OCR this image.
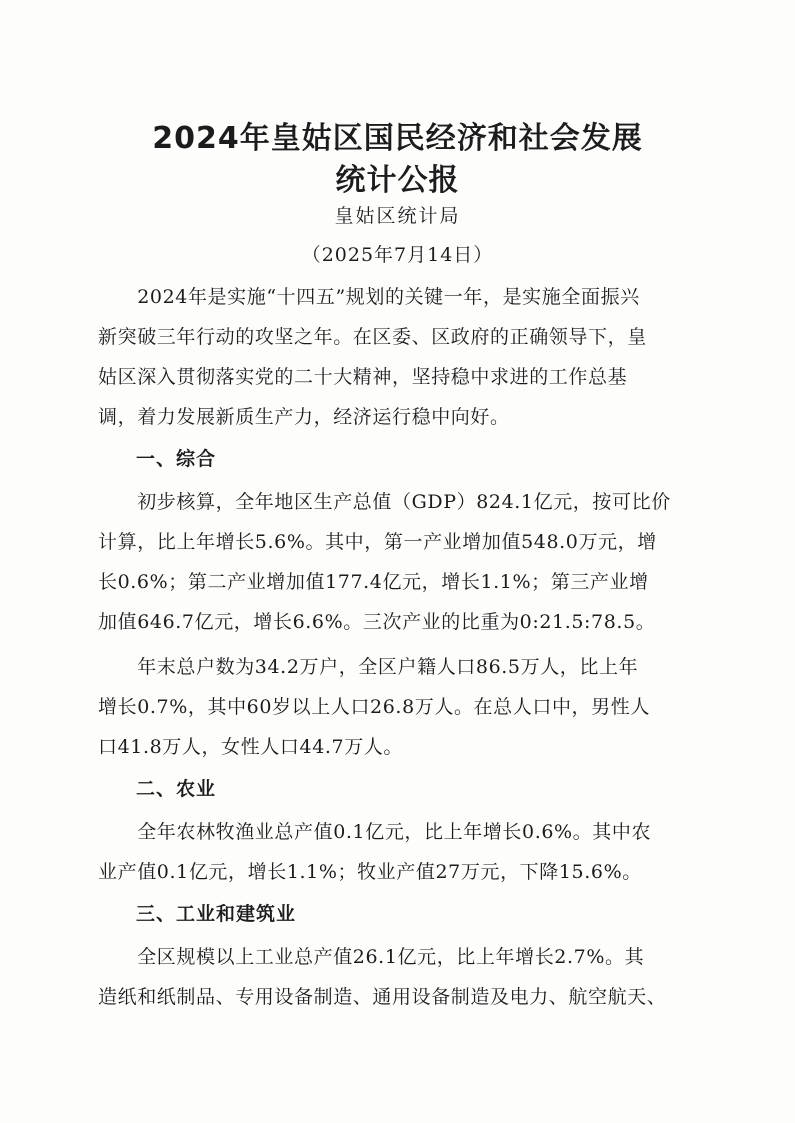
2024年皇姑区国民经济和社会发展
统计公报
皇姑区统计局
（2025年7月14日）
　　2024年是实施“十四五”规划的关键一年，是实施全面振兴
新突破三年行动的攻坚之年。在区委、区政府的正确领导下，皇
姑区深入贯彻落实党的二十大精神，坚持稳中求进的工作总基
调，着力发展新质生产力，经济运行稳中向好。
一、综合
　　初步核算，全年地区生产总值（GDP）824.1亿元，按可比价
计算，比上年增长5.6%。其中，第一产业增加值548.0万元，增
长0.6%；第二产业增加值177.4亿元，增长1.1%；第三产业增
加值646.7亿元，增长6.6%。三次产业的比重为0:21.5:78.5。
　　年末总户数为34.2万户，全区户籍人口86.5万人，比上年
增长0.7%，其中60岁以上人口26.8万人。在总人口中，男性人
口41.8万人，女性人口44.7万人。
二、农业
　　全年农林牧渔业总产值0.1亿元，比上年增长0.6%。其中农
业产值0.1亿元，增长1.1%；牧业产值27万元，下降15.6%。
三、工业和建筑业
　　全区规模以上工业总产值26.1亿元，比上年增长2.7%。其
造纸和纸制品、专用设备制造、通用设备制造及电力、航空航天、
